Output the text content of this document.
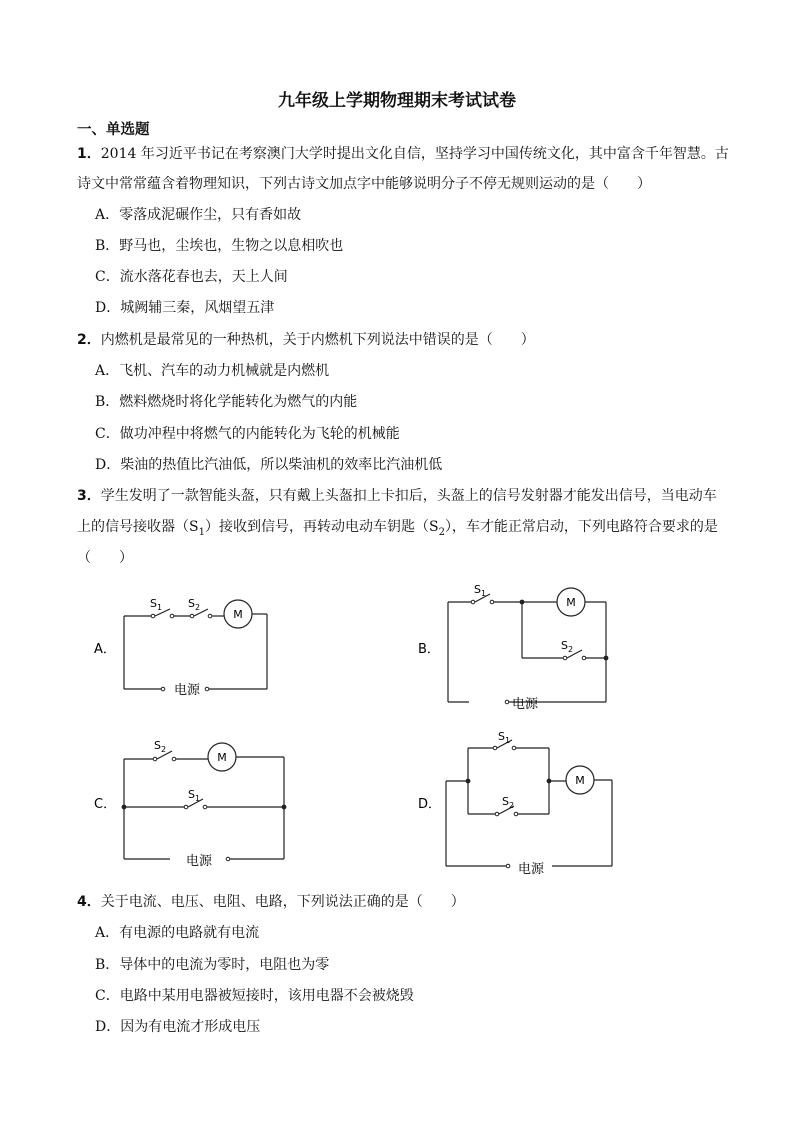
九年级上学期物理期末考试试卷
一、单选题
1．2014 年习近平书记在考察澳门大学时提出文化自信，坚持学习中国传统文化，其中富含千年智慧。古
诗文中常常蕴含着物理知识，下列古诗文加点字中能够说明分子不停无规则运动的是（　　）
A．零落成泥碾作尘，只有香如故
B．野马也，尘埃也，生物之以息相吹也
C．流水落花春也去，天上人间
D．城阙辅三秦，风烟望五津
2．内燃机是最常见的一种热机，关于内燃机下列说法中错误的是（　　）
A．飞机、汽车的动力机械就是内燃机
B．燃料燃烧时将化学能转化为燃气的内能
C．做功冲程中将燃气的内能转化为飞轮的机械能
D．柴油的热值比汽油低，所以柴油机的效率比汽油机低
3．学生发明了一款智能头盔，只有戴上头盔扣上卡扣后，头盔上的信号发射器才能发出信号，当电动车
上的信号接收器$(S_1)$接收到信号，再转动电动车钥匙$(S_2)$，车才能正常启动，下列电路符合要求的是
（　　）
A．
$S_1$ $S_2$
M
电源
B．
$S_1$
$S_2$
M
电源
C．
$S_2$
$S_1$
M
电源
D．
$S_1$
$S_2$
M
电源
4．关于电流、电压、电阻、电路，下列说法正确的是（　　）
A．有电源的电路就有电流
B．导体中的电流为零时，电阻也为零
C．电路中某用电器被短接时，该用电器不会被烧毁
D．因为有电流才形成电压
